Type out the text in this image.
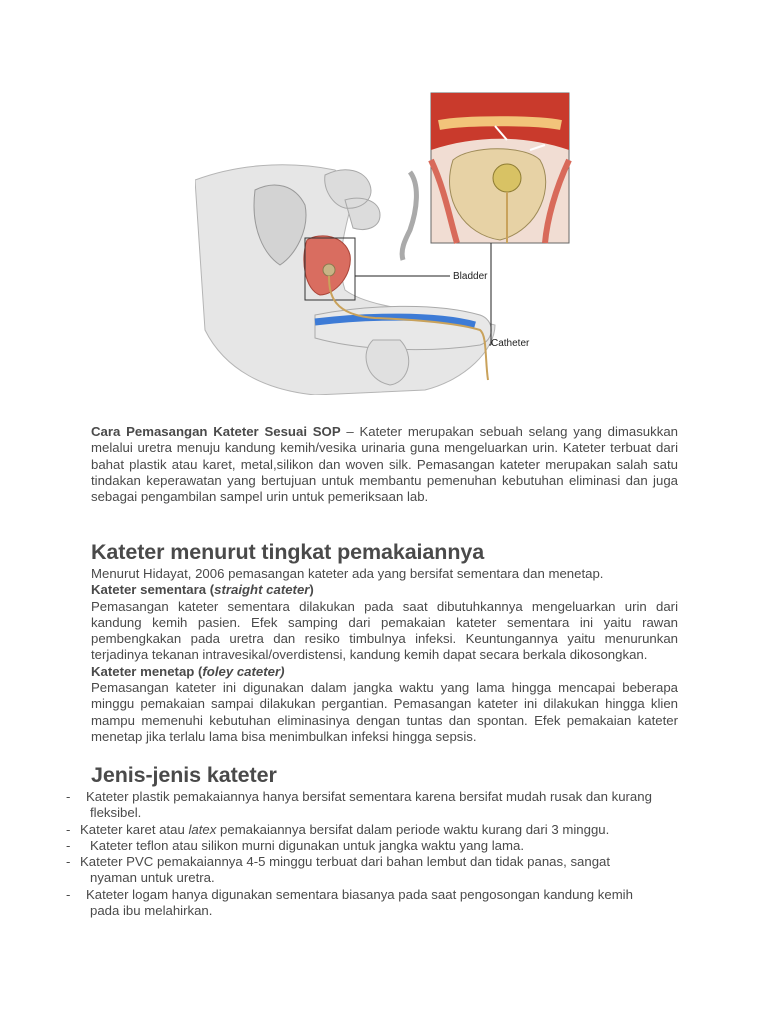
Bladder
Catheter
Cara Pemasangan Kateter Sesuai SOP – Kateter merupakan sebuah selang yang dimasukkan melalui uretra menuju kandung kemih/vesika urinaria guna mengeluarkan urin. Kateter terbuat dari bahat plastik atau karet, metal,silikon dan woven silk. Pemasangan kateter merupakan salah satu tindakan keperawatan yang bertujuan untuk membantu pemenuhan kebutuhan eliminasi dan juga sebagai pengambilan sampel urin untuk pemeriksaan lab.
Kateter menurut tingkat pemakaiannya

Menurut Hidayat, 2006 pemasangan kateter ada yang bersifat sementara dan menetap.

Kateter sementara (straight cateter)

Pemasangan kateter sementara dilakukan pada saat dibutuhkannya mengeluarkan urin dari kandung kemih pasien. Efek samping dari pemakaian kateter sementara ini yaitu rawan pembengkakan pada uretra dan resiko timbulnya infeksi. Keuntungannya yaitu menurunkan terjadinya tekanan intravesikal/overdistensi, kandung kemih dapat secara berkala dikosongkan.

Kateter menetap (foley cateter)

Pemasangan kateter ini digunakan dalam jangka waktu yang lama hingga mencapai beberapa minggu pemakaian sampai dilakukan pergantian. Pemasangan kateter ini dilakukan hingga klien mampu memenuhi kebutuhan eliminasinya dengan tuntas dan spontan. Efek pemakaian kateter menetap jika terlalu lama bisa menimbulkan infeksi hingga sepsis.

Jenis-jenis kateter
-	Kateter plastik pemakaiannya hanya bersifat sementara karena bersifat mudah rusak dan kurang
fleksibel.
- Kateter karet atau latex pemakaiannya bersifat dalam periode waktu kurang dari 3 minggu.
-	Kateter teflon atau silikon murni digunakan untuk jangka waktu yang lama.
- Kateter PVC pemakaiannya 4-5 minggu terbuat dari bahan lembut dan tidak panas, sangat
nyaman untuk uretra.
-	Kateter logam hanya digunakan sementara biasanya pada saat pengosongan kandung kemih
pada ibu melahirkan.
